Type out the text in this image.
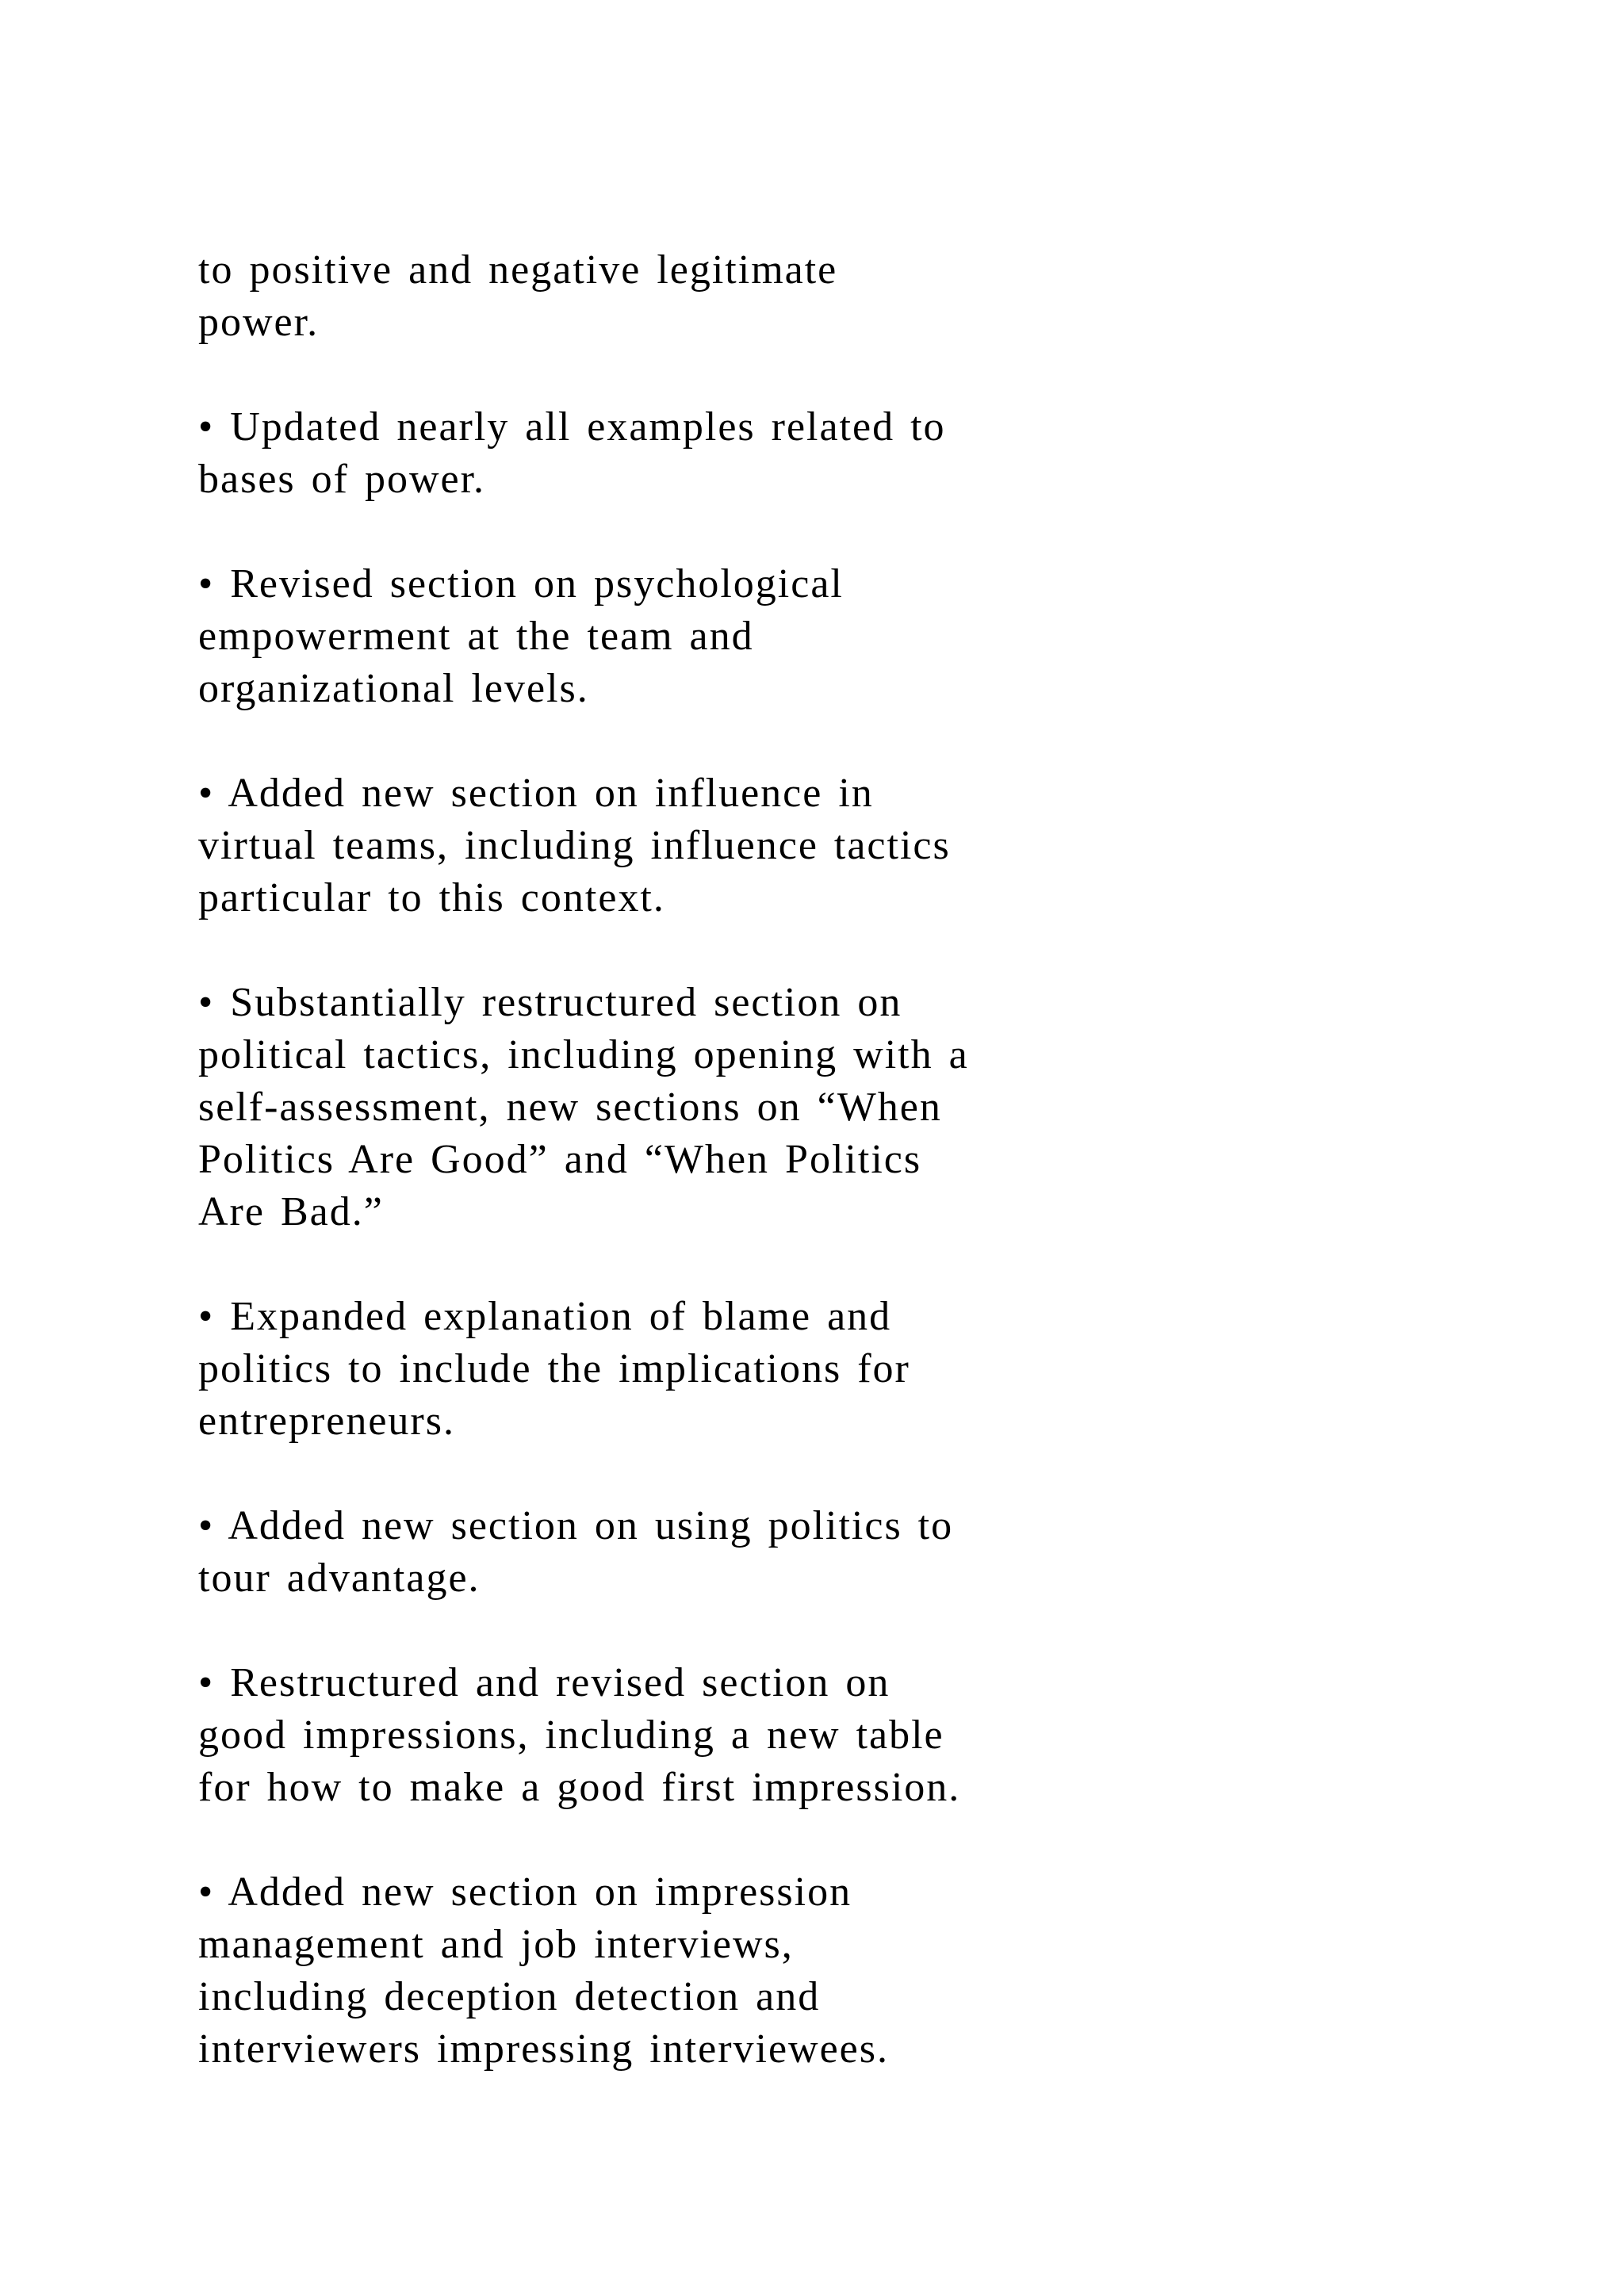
to positive and negative legitimate
power.
• Updated nearly all examples related to
bases of power.
• Revised section on psychological
empowerment at the team and
organizational levels.
• Added new section on influence in
virtual teams, including influence tactics
particular to this context.
• Substantially restructured section on
political tactics, including opening with a
self-assessment, new sections on “When
Politics Are Good” and “When Politics
Are Bad.”
• Expanded explanation of blame and
politics to include the implications for
entrepreneurs.
• Added new section on using politics to
tour advantage.
• Restructured and revised section on
good impressions, including a new table
for how to make a good first impression.
• Added new section on impression
management and job interviews,
including deception detection and
interviewers impressing interviewees.
